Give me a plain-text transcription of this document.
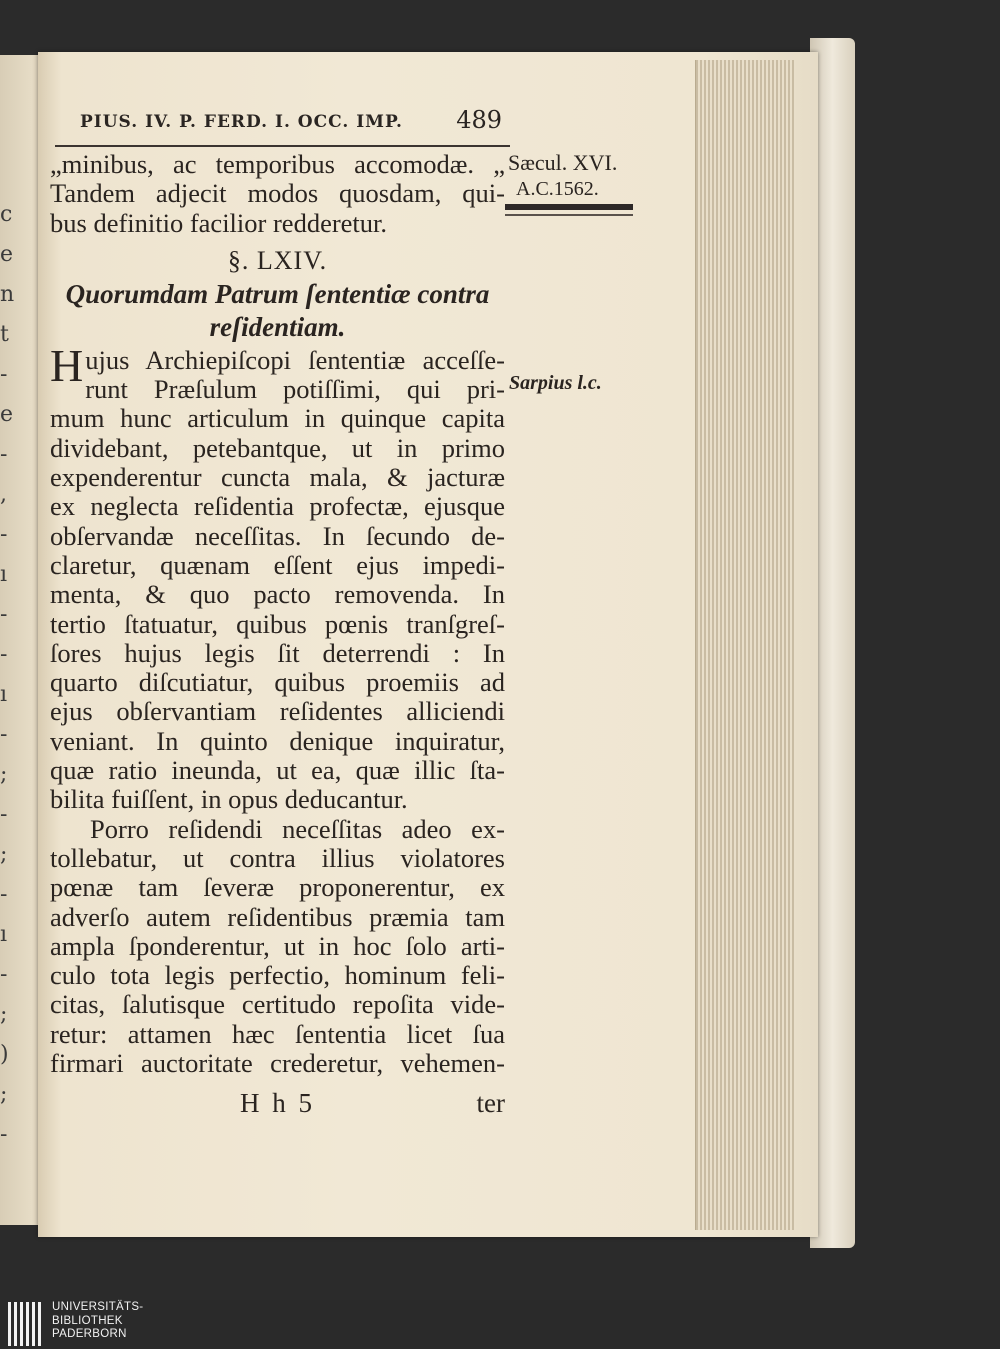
c
e
n
t
-
e
-
,
-
ı
-
-
ı
-
;
-
;
-
ı
-
;
)
;
-
PIUS. IV. P. FERD. I. OCC. IMP. 489
„minibus, ac temporibus accomodæ. „
Tandem adjecit modos quosdam, qui-
bus definitio facilior redderetur.
§. LXIV.
Quorumdam Patrum ſententiæ contra
reſidentiam.
H ujus Archiepiſcopi ſententiæ acceſſe-
runt Præſulum potiſſimi, qui pri-
mum hunc articulum in quinque capita
dividebant, petebantque, ut in primo
expenderentur cuncta mala, & jacturæ
ex neglecta reſidentia profectæ, ejusque
obſervandæ neceſſitas. In ſecundo de-
claretur, quænam eſſent ejus impedi-
menta, & quo pacto removenda. In
tertio ſtatuatur, quibus pœnis tranſgreſ-
ſores hujus legis ſit deterrendi : In
quarto diſcutiatur, quibus proemiis ad
ejus obſervantiam reſidentes alliciendi
veniant. In quinto denique inquiratur,
quæ ratio ineunda, ut ea, quæ illic ſta-
bilita fuiſſent, in opus deducantur.
Porro reſidendi neceſſitas adeo ex-
tollebatur, ut contra illius violatores
pœnæ tam ſeveræ proponerentur, ex
adverſo autem reſidentibus præmia tam
ampla ſponderentur, ut in hoc ſolo arti-
culo tota legis perfectio, hominum feli-
citas, ſalutisque certitudo repoſita vide-
retur: attamen hæc ſententia licet ſua
firmari auctoritate crederetur, vehemen-
H h 5	ter
Sæcul. XVI.
A.C.1562.
Sarpius l.c.
UNIVERSITÄTS-
BIBLIOTHEK
PADERBORN
